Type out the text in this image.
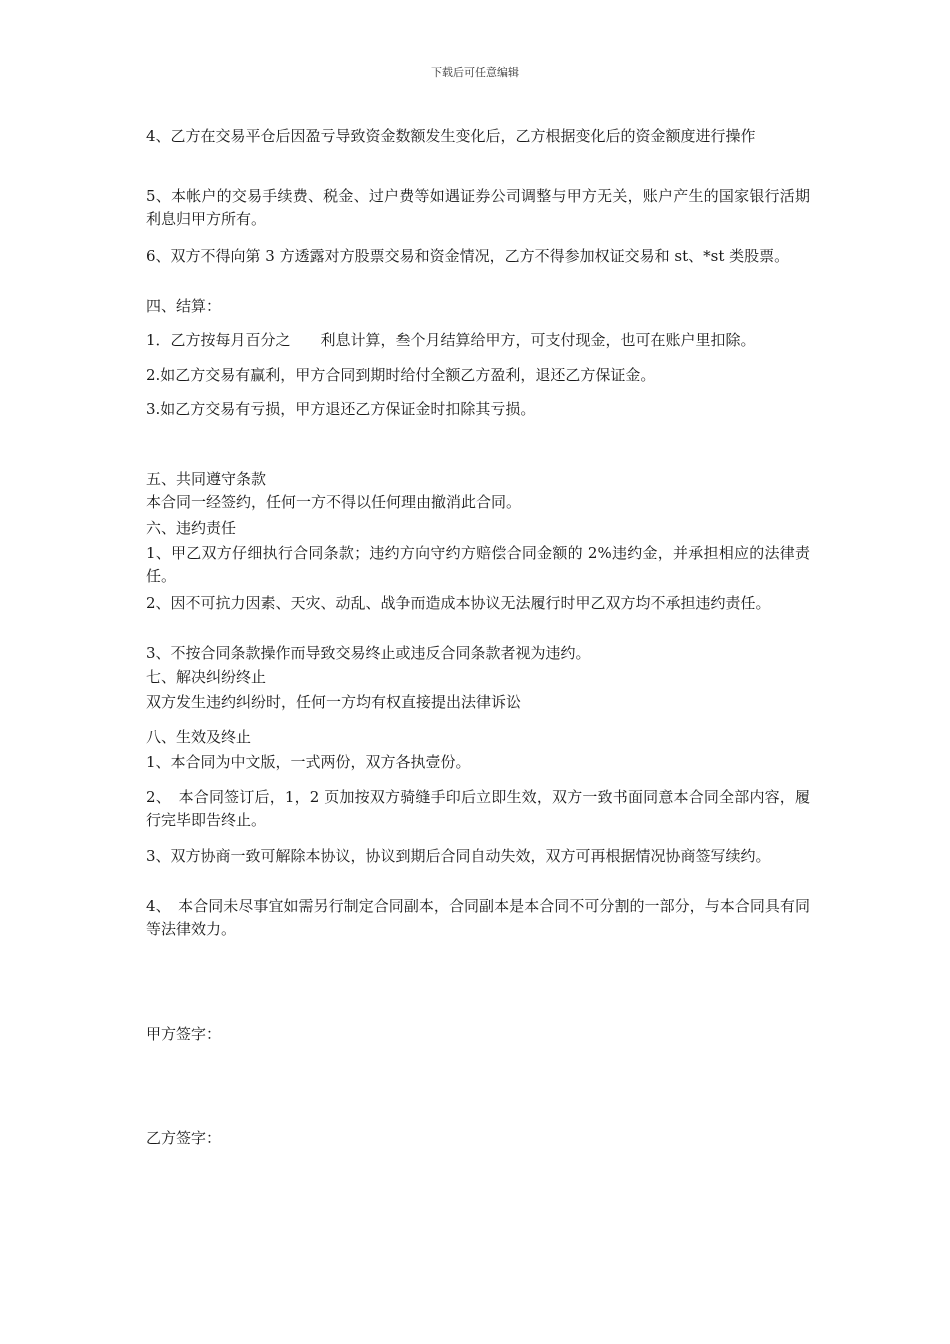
下载后可任意编辑
4、乙方在交易平仓后因盈亏导致资金数额发生变化后，乙方根据变化后的资金额度进行操作
5、本帐户的交易手续费、税金、过户费等如遇证券公司调整与甲方无关，账户产生的国家银行活期利息归甲方所有。
6、双方不得向第 3 方透露对方股票交易和资金情况，乙方不得参加权证交易和 st、*st 类股票。
四、结算：
1．乙方按每月百分之　　利息计算，叁个月结算给甲方，可支付现金，也可在账户里扣除。
2.如乙方交易有赢利，甲方合同到期时给付全额乙方盈利，退还乙方保证金。
3.如乙方交易有亏损，甲方退还乙方保证金时扣除其亏损。
五、共同遵守条款
本合同一经签约，任何一方不得以任何理由撤消此合同。
六、违约责任
1、甲乙双方仔细执行合同条款；违约方向守约方赔偿合同金额的 2%违约金，并承担相应的法律责任。
2、因不可抗力因素、天灾、动乱、战争而造成本协议无法履行时甲乙双方均不承担违约责任。
3、不按合同条款操作而导致交易终止或违反合同条款者视为违约。
七、解决纠纷终止
双方发生违约纠纷时，任何一方均有权直接提出法律诉讼
八、生效及终止
1、本合同为中文版，一式两份，双方各执壹份。
2、　本合同签订后，1，2 页加按双方骑缝手印后立即生效，双方一致书面同意本合同全部内容，履行完毕即告终止。
3、双方协商一致可解除本协议，协议到期后合同自动失效，双方可再根据情况协商签写续约。
4、　本合同未尽事宜如需另行制定合同副本，合同副本是本合同不可分割的一部分，与本合同具有同等法律效力。
甲方签字：
乙方签字：
